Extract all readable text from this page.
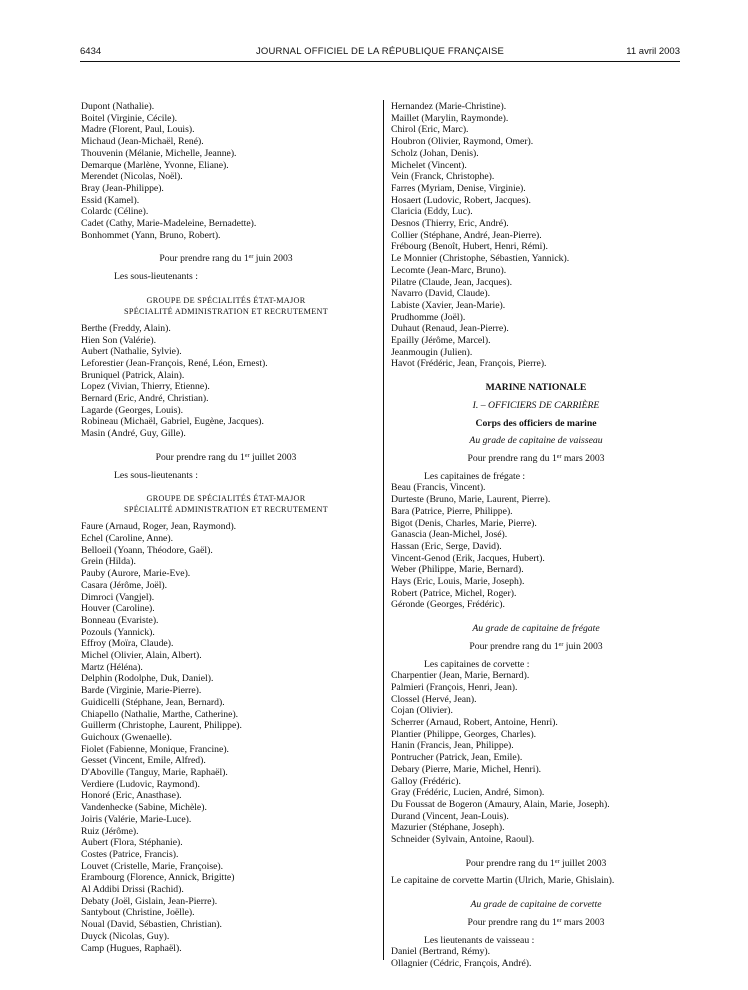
6434	JOURNAL OFFICIEL DE LA RÉPUBLIQUE FRANÇAISE	11 avril 2003
Dupont (Nathalie).
Boitel (Virginie, Cécile).
Madre (Florent, Paul, Louis).
Michaud (Jean-Michaël, René).
Thouvenin (Mélanie, Michelle, Jeanne).
Demarque (Marlène, Yvonne, Eliane).
Merendet (Nicolas, Noël).
Bray (Jean-Philippe).
Essid (Kamel).
Colardc (Céline).
Cadet (Cathy, Marie-Madeleine, Bernadette).
Bonhommet (Yann, Bruno, Robert).
Pour prendre rang du 1er juin 2003
Les sous-lieutenants :
GROUPE DE SPÉCIALITÉS ÉTAT-MAJOR
SPÉCIALITÉ ADMINISTRATION ET RECRUTEMENT
Berthe (Freddy, Alain).
Hien Son (Valérie).
Aubert (Nathalie, Sylvie).
Leforestier (Jean-François, René, Léon, Ernest).
Bruniquel (Patrick, Alain).
Lopez (Vivian, Thierry, Etienne).
Bernard (Eric, André, Christian).
Lagarde (Georges, Louis).
Robineau (Michaël, Gabriel, Eugène, Jacques).
Masin (André, Guy, Gille).
Pour prendre rang du 1er juillet 2003
Les sous-lieutenants :
GROUPE DE SPÉCIALITÉS ÉTAT-MAJOR
SPÉCIALITÉ ADMINISTRATION ET RECRUTEMENT
Faure (Arnaud, Roger, Jean, Raymond).
Echel (Caroline, Anne).
Belloeil (Yoann, Théodore, Gaël).
Grein (Hilda).
Pauby (Aurore, Marie-Eve).
Casara (Jérôme, Joël).
Dimroci (Vangjel).
Houver (Caroline).
Bonneau (Evariste).
Pozouls (Yannick).
Effroy (Moïra, Claude).
Michel (Olivier, Alain, Albert).
Martz (Héléna).
Delphin (Rodolphe, Duk, Daniel).
Barde (Virginie, Marie-Pierre).
Guidicelli (Stéphane, Jean, Bernard).
Chiapello (Nathalie, Marthe, Catherine).
Guillerm (Christophe, Laurent, Philippe).
Guichoux (Gwenaelle).
Fiolet (Fabienne, Monique, Francine).
Gesset (Vincent, Emile, Alfred).
D'Aboville (Tanguy, Marie, Raphaël).
Verdiere (Ludovic, Raymond).
Honoré (Eric, Anasthase).
Vandenhecke (Sabine, Michèle).
Joiris (Valérie, Marie-Luce).
Ruiz (Jérôme).
Aubert (Flora, Stéphanie).
Costes (Patrice, Francis).
Louvet (Cristelle, Marie, Françoise).
Erambourg (Florence, Annick, Brigitte)
Al Addibi Drissi (Rachid).
Debaty (Joël, Gislain, Jean-Pierre).
Santybout (Christine, Joëlle).
Noual (David, Sébastien, Christian).
Duyck (Nicolas, Guy).
Camp (Hugues, Raphaël).
Hernandez (Marie-Christine).
Maillet (Marylin, Raymonde).
Chirol (Eric, Marc).
Houbron (Olivier, Raymond, Omer).
Scholz (Johan, Denis).
Michelet (Vincent).
Vein (Franck, Christophe).
Farres (Myriam, Denise, Virginie).
Hosaert (Ludovic, Robert, Jacques).
Claricia (Eddy, Luc).
Desnos (Thierry, Eric, André).
Collier (Stéphane, André, Jean-Pierre).
Frébourg (Benoît, Hubert, Henri, Rémi).
Le Monnier (Christophe, Sébastien, Yannick).
Lecomte (Jean-Marc, Bruno).
Pilatre (Claude, Jean, Jacques).
Navarro (David, Claude).
Labiste (Xavier, Jean-Marie).
Prudhomme (Joël).
Duhaut (Renaud, Jean-Pierre).
Epailly (Jérôme, Marcel).
Jeanmougin (Julien).
Havot (Frédéric, Jean, François, Pierre).
MARINE NATIONALE
I. – OFFICIERS DE CARRIÈRE
Corps des officiers de marine
Au grade de capitaine de vaisseau
Pour prendre rang du 1er mars 2003
Les capitaines de frégate :
Beau (Francis, Vincent).
Durteste (Bruno, Marie, Laurent, Pierre).
Bara (Patrice, Pierre, Philippe).
Bigot (Denis, Charles, Marie, Pierre).
Ganascia (Jean-Michel, José).
Hassan (Eric, Serge, David).
Vincent-Genod (Erik, Jacques, Hubert).
Weber (Philippe, Marie, Bernard).
Hays (Eric, Louis, Marie, Joseph).
Robert (Patrice, Michel, Roger).
Géronde (Georges, Frédéric).
Au grade de capitaine de frégate
Pour prendre rang du 1er juin 2003
Les capitaines de corvette :
Charpentier (Jean, Marie, Bernard).
Palmieri (François, Henri, Jean).
Clossel (Hervé, Jean).
Cojan (Olivier).
Scherrer (Arnaud, Robert, Antoine, Henri).
Plantier (Philippe, Georges, Charles).
Hanin (Francis, Jean, Philippe).
Pontrucher (Patrick, Jean, Emile).
Debary (Pierre, Marie, Michel, Henri).
Galloy (Frédéric).
Gray (Frédéric, Lucien, André, Simon).
Du Foussat de Bogeron (Amaury, Alain, Marie, Joseph).
Durand (Vincent, Jean-Louis).
Mazurier (Stéphane, Joseph).
Schneider (Sylvain, Antoine, Raoul).
Pour prendre rang du 1er juillet 2003
Le capitaine de corvette Martin (Ulrich, Marie, Ghislain).
Au grade de capitaine de corvette
Pour prendre rang du 1er mars 2003
Les lieutenants de vaisseau :
Daniel (Bertrand, Rémy).
Ollagnier (Cédric, François, André).
